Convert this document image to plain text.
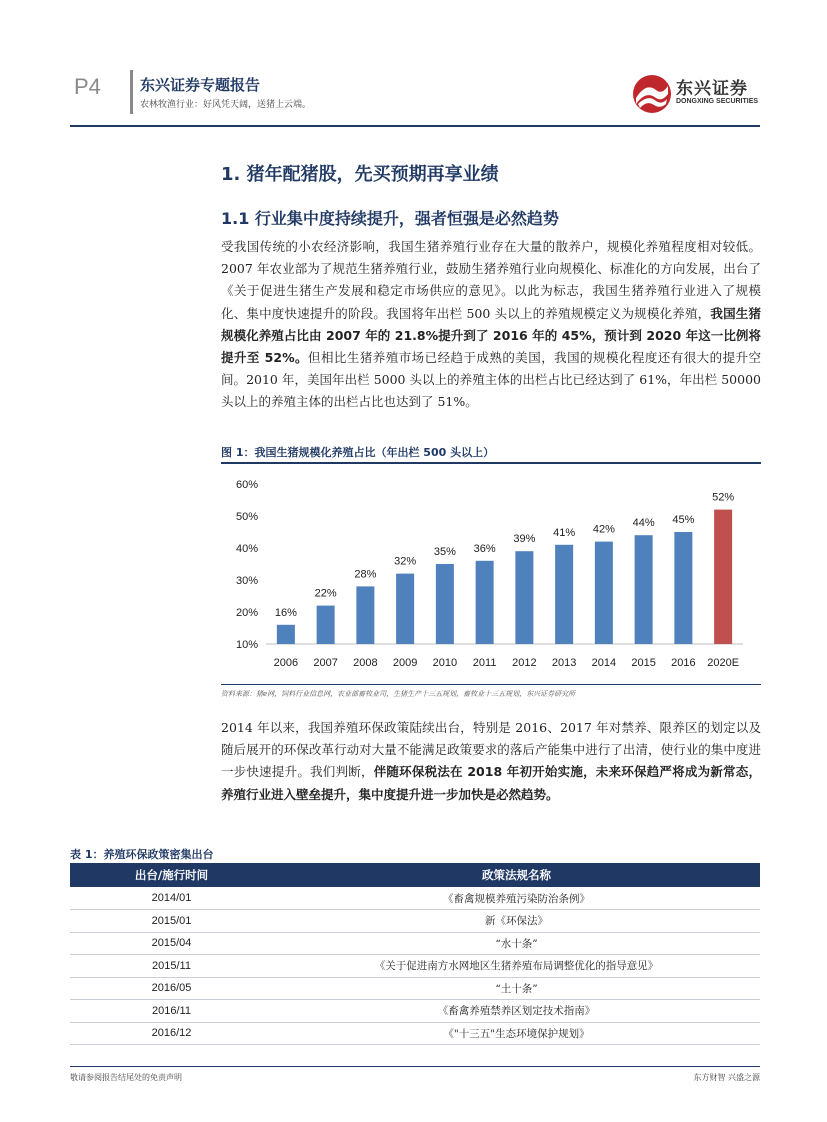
P4	东兴证券专题报告
农林牧渔行业：好风凭天阔，送猪上云端。
东兴证券
DONGXING SECURITIES
1. 猪年配猪股，先买预期再享业绩
1.1 行业集中度持续提升，强者恒强是必然趋势
受我国传统的小农经济影响，我国生猪养殖行业存在大量的散养户，规模化养殖程度相对较低。2007 年农业部为了规范生猪养殖行业，鼓励生猪养殖行业向规模化、标准化的方向发展，出台了《关于促进生猪生产发展和稳定市场供应的意见》。以此为标志，我国生猪养殖行业进入了规模化、集中度快速提升的阶段。我国将年出栏 500 头以上的养殖规模定义为规模化养殖，我国生猪规模化养殖占比由 2007 年的 21.8%提升到了 2016 年的 45%，预计到 2020 年这一比例将提升至 52%。但相比生猪养殖市场已经趋于成熟的美国，我国的规模化程度还有很大的提升空间。2010 年，美国年出栏 5000 头以上的养殖主体的出栏占比已经达到了 61%，年出栏 50000 头以上的养殖主体的出栏占比也达到了 51%。
图 1：我国生猪规模化养殖占比（年出栏 500 头以上）
10%
20%
30%
40%
50%
60%
16%
2006
22%
2007
28%
2008
32%
2009
35%
2010
36%
2011
39%
2012
41%
2013
42%
2014
44%
2015
45%
2016
52%
2020E
资料来源：猪e网，饲料行业信息网，农业部畜牧业司，生猪生产十三五规划，畜牧业十三五规划，东兴证券研究所
2014 年以来，我国养殖环保政策陆续出台，特别是 2016、2017 年对禁养、限养区的划定以及随后展开的环保改革行动对大量不能满足政策要求的落后产能集中进行了出清，使行业的集中度进一步快速提升。我们判断，伴随环保税法在 2018 年初开始实施，未来环保趋严将成为新常态，养殖行业进入壁垒提升，集中度提升进一步加快是必然趋势。
表 1：养殖环保政策密集出台
出台/施行时间	政策法规名称
2014/01	《畜禽规模养殖污染防治条例》
2015/01	新《环保法》
2015/04	“水十条”
2015/11	《关于促进南方水网地区生猪养殖布局调整优化的指导意见》
2016/05	“土十条”
2016/11	《畜禽养殖禁养区划定技术指南》
2016/12	《"十三五"生态环境保护规划》
敬请参阅报告结尾处的免责声明	东方财智 兴盛之源
